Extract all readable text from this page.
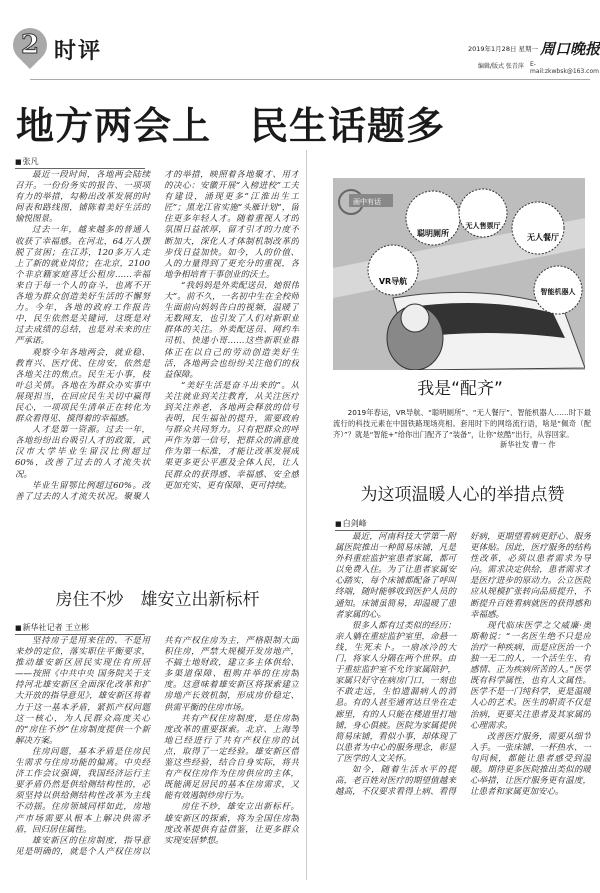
2 时评	2019年1月28日 星期一 周口晚报
编辑/版式 张青萍 E-mail:zkwbsk@163.com
地方两会上　民生话题多
■ 张凡

最近一段时间，各地两会陆续召开。一份份务实的报告、一项项有力的举措，勾勒出改革发展的时间表和路线图，铺陈着美好生活的愉悦图景。

过去一年，越来越多的普通人收获了幸福感。在河北，64万人摆脱了贫困；在江苏，120多万人走上了新的就业岗位；在北京，2100个非京籍家庭喜迁公租房……幸福来自于每一个人的奋斗，也离不开各地为群众创造美好生活的不懈努力。今年，各地的政府工作报告中，民生依然是关键词，这既是对过去成绩的总结，也是对未来的庄严承诺。

观察今年各地两会，就业稳、教育兴、医疗优、住房安，依然是各地关注的焦点。民生无小事，枝叶总关情。各地在为群众办实事中展现担当，在回应民生关切中赢得民心，一项项民生清单正在转化为群众看得见、摸得着的幸福感。

人才是第一资源。过去一年，各地纷纷出台吸引人才的政策，武汉市大学毕业生留汉比例超过60%，改善了过去的人才流失状况。

毕业生留鄂比例超过60%。改善了过去的人才流失状况。聚聚人才的举措，映照着各地聚才、用才的决心：安徽开展“入榜进校”工夫有建设，涌现更多“江淮出生工匠”；黑龙江省实施“头雁计划”，留住更多年轻人才。随着重视人才的氛围日益浓厚，留才引才的力度不断加大，深化人才体制机制改革的步伐日益加快。如今，人的价值、人的力量得到了更充分的重视，各地争相培育干事创业的沃土。

“我妈妈是外卖配送员，她很伟大”。前不久，一名初中生在全校师生面前向妈妈告白的视频，温暖了无数网友，也引发了人们对新职业群体的关注。外卖配送员、网约车司机、快递小哥……这些新职业群体正在以自己的劳动创造美好生活，各地两会也纷纷关注他们的权益保障。

“美好生活是奋斗出来的”。从关注就业到关注教育，从关注医疗到关注养老，各地两会释放的信号表明，民生福祉的提升，需要政府与群众共同努力。只有把群众的呼声作为第一信号，把群众的满意度作为第一标准，才能让改革发展成果更多更公平惠及全体人民，让人民群众的获得感、幸福感、安全感更加充实、更有保障、更可持续。

画中有话
聪明厕所
无人售票厅
无人餐厅
VR导航
智能机器人
我是“配齐”
2019年春运，VR导航、“聪明厕所”、“无人餐厅”、智能机器人……时下最流行的科技元素在中国铁路现场亮相。套用时下的网络流行语，啥是“佩奇（配齐）”？就是“智能+”给你出门配齐了“装备”，让你“炫酷”出行，从容回家。
新华社发 曹一 作
为这项温暖人心的举措点赞
■ 白剑峰

最近，河南科技大学第一附属医院推出一种简易床铺，凡是外科重症监护室患者家属，都可以免费入住。为了让患者家属安心踏实，每个床铺都配备了呼叫终端，随时能够收到医护人员的通知。床铺虽简易，却温暖了患者家属的心。

很多人都有过类似的经历：亲人躺在重症监护室里，命悬一线，生死未卜。一扇冰冷的大门，将家人分隔在两个世界。由于重症监护室不允许家属陪护，家属只好守在病房门口，一刻也不敢走远，生怕遗漏病人的消息。有的人甚至通宵达旦坐在走廊里，有的人只能在楼道里打地铺，身心俱疲。医院为家属提供简易床铺，看似小事，却体现了以患者为中心的服务理念，彰显了医学的人文关怀。

如今，随着生活水平的提高，老百姓对医疗的期望值越来越高，不仅要求看得上病、看得好病，更期望看病更舒心、服务更体贴。因此，医疗服务的结构性改革，必须以患者需求为导向。需求决定供给，患者需求才是医疗进步的原动力。公立医院应从规模扩张转向品质提升，不断提升百姓看病就医的获得感和幸福感。

现代临床医学之父威廉·奥斯勒说：“一名医生绝不只是应治疗一种疾病，而是应医治一个独一无二的人，一个活生生、有感情、正为疾病所苦的人。”医学既有科学属性，也有人文属性。医学不是一门纯科学，更是温暖人心的艺术。医生的职责不仅是治病，更要关注患者及其家属的心理需求。

改善医疗服务，需要从细节入手。一张床铺、一杯热水、一句问候，都能让患者感受到温暖。期待更多医院推出类似的暖心举措，让医疗服务更有温度，让患者和家属更加安心。

房住不炒　雄安立出新标杆
■ 新华社记者 王立彬

坚持房子是用来住的、不是用来炒的定位，落实职住平衡要求，推动雄安新区居民实现住有所居——按照《中共中央 国务院关于支持河北雄安新区全面深化改革和扩大开放的指导意见》，雄安新区将着力于这一基本矛盾，紧抓产权问题这一核心，为人民群众高度关心的“房住不炒”住房制度提供一个新解决方案。

住房问题，基本矛盾是住房民生需求与住房功能的偏离。中央经济工作会议强调，我国经济运行主要矛盾仍然是供给侧结构性的，必须坚持以供给侧结构性改革为主线不动摇。住房领域同样如此，房地产市场需要从根本上解决供需矛盾，回归居住属性。

雄安新区的住房制度，指导意见是明确的，就是个人产权住房以共有产权住房为主，严格限制大面积住房，严禁大规模开发房地产，不搞土地财政，建立多主体供给、多渠道保障、租购并举的住房制度。这意味着雄安新区将探索建立房地产长效机制，形成房价稳定、供需平衡的住房市场。

共有产权住房制度，是住房制度改革的重要探索。北京、上海等地已经进行了共有产权住房的试点，取得了一定经验。雄安新区借鉴这些经验，结合自身实际，将共有产权住房作为住房供应的主体，既能满足居民的基本住房需求，又能有效遏制炒房行为。

房住不炒，雄安立出新标杆。雄安新区的探索，将为全国住房制度改革提供有益借鉴，让更多群众实现安居梦想。
